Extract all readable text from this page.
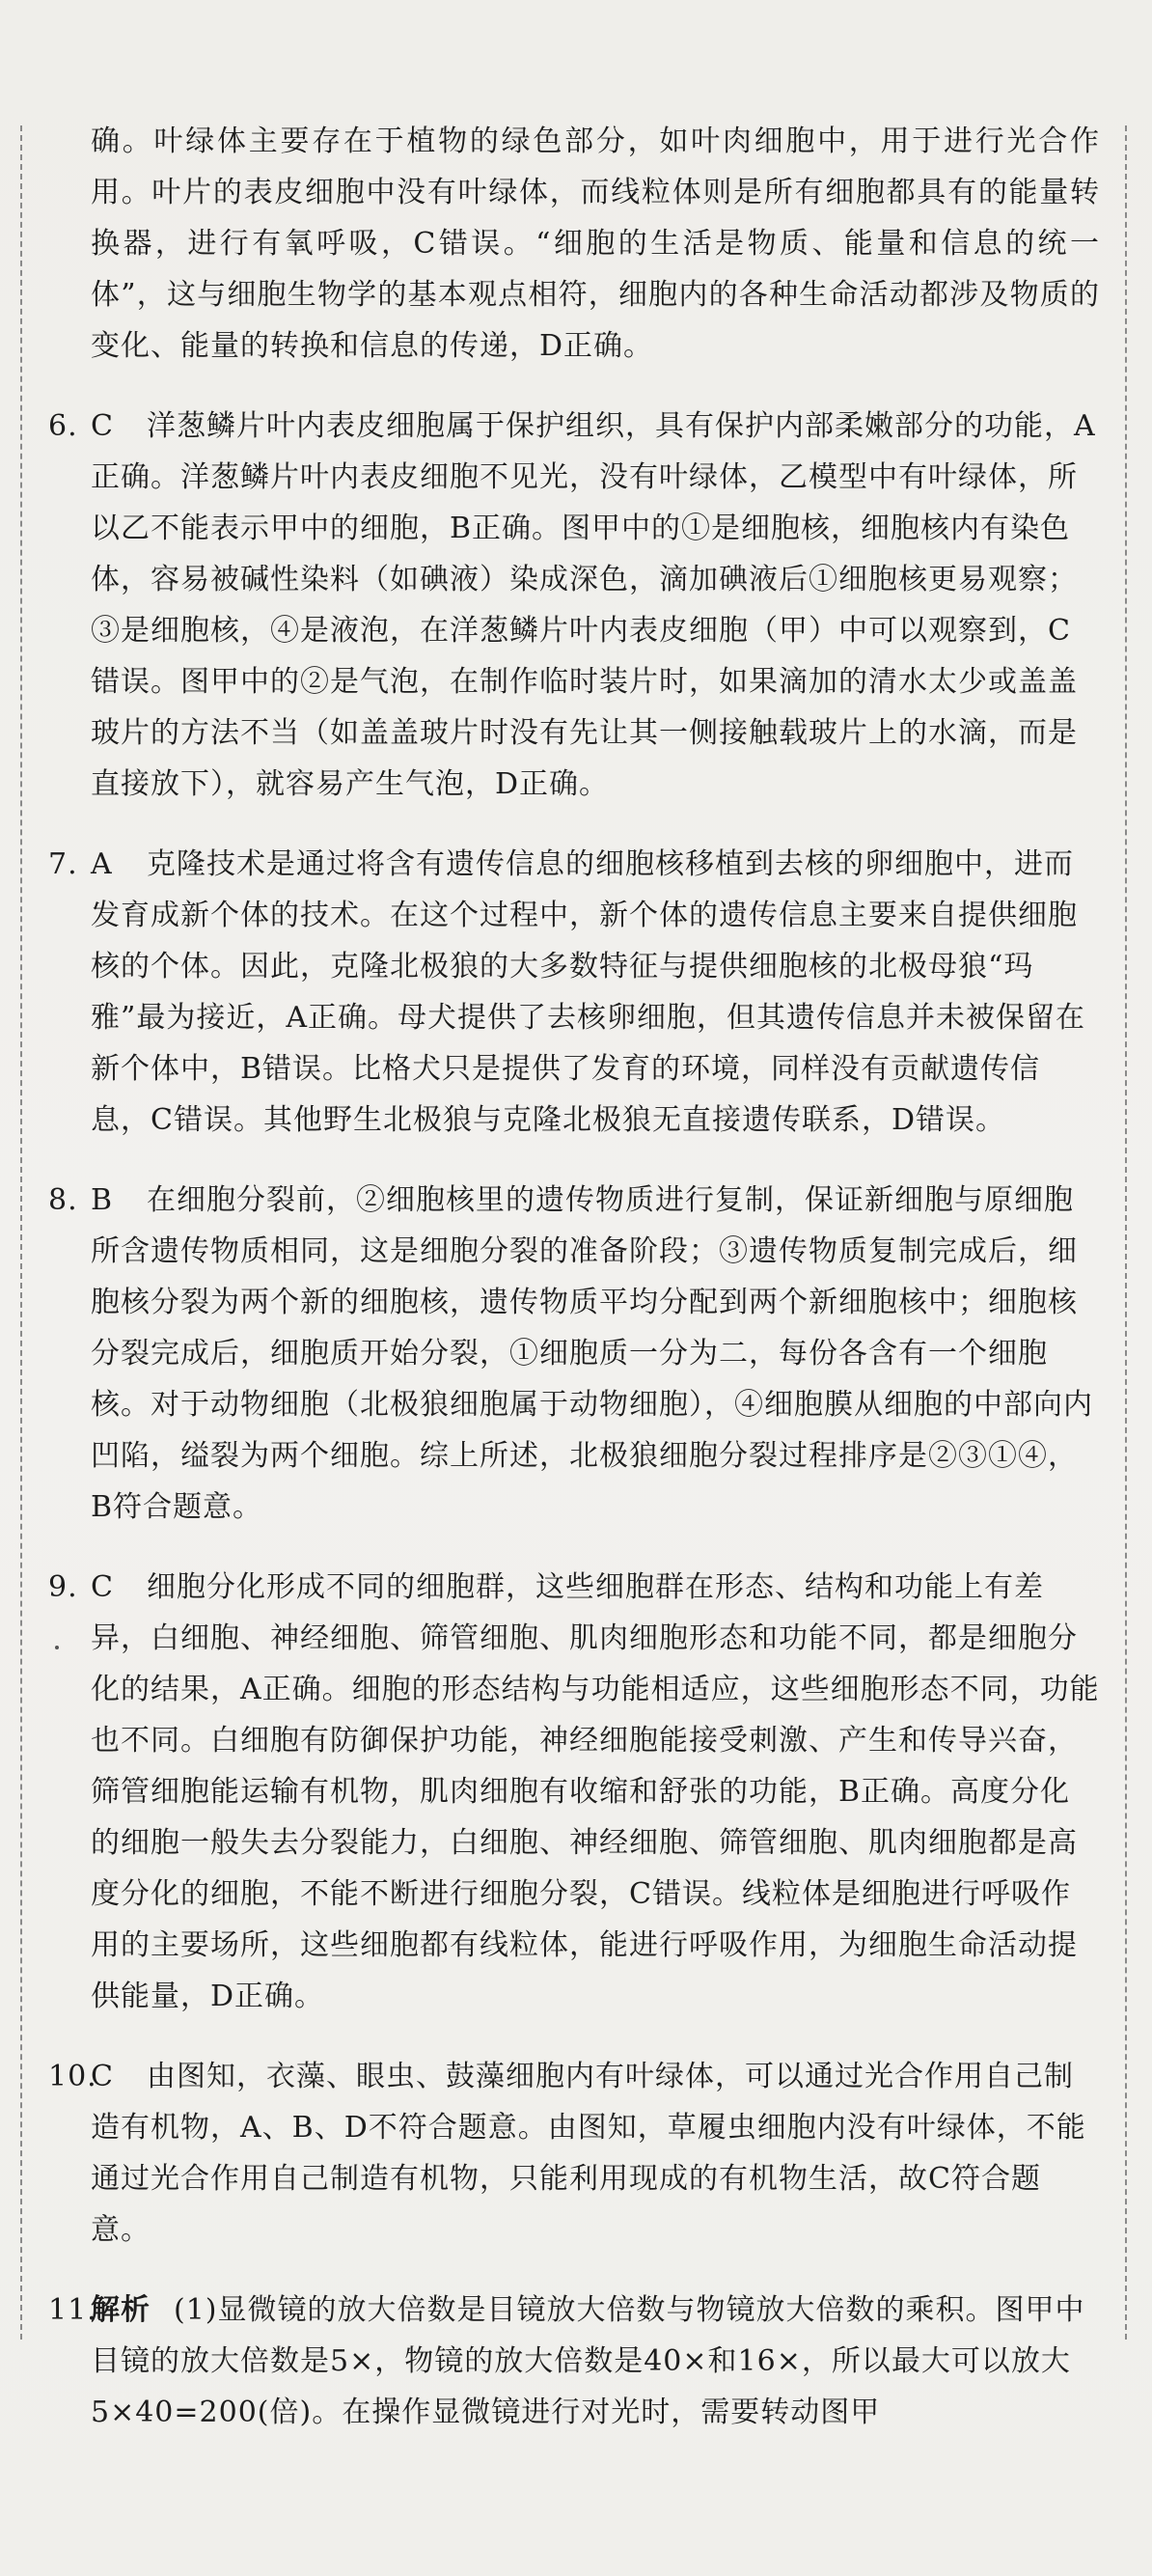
确。叶绿体主要存在于植物的绿色部分，如叶肉细胞中，用于进行光合作用。叶片的表皮细胞中没有叶绿体，而线粒体则是所有细胞都具有的能量转换器，进行有氧呼吸，C错误。“细胞的生活是物质、能量和信息的统一体”，这与细胞生物学的基本观点相符，细胞内的各种生命活动都涉及物质的变化、能量的转换和信息的传递，D正确。

6. C 洋葱鳞片叶内表皮细胞属于保护组织，具有保护内部柔嫩部分的功能，A正确。洋葱鳞片叶内表皮细胞不见光，没有叶绿体，乙模型中有叶绿体，所以乙不能表示甲中的细胞，B正确。图甲中的①是细胞核，细胞核内有染色体，容易被碱性染料（如碘液）染成深色，滴加碘液后①细胞核更易观察；③是细胞核，④是液泡，在洋葱鳞片叶内表皮细胞（甲）中可以观察到，C错误。图甲中的②是气泡，在制作临时装片时，如果滴加的清水太少或盖盖玻片的方法不当（如盖盖玻片时没有先让其一侧接触载玻片上的水滴，而是直接放下），就容易产生气泡，D正确。

7. A 克隆技术是通过将含有遗传信息的细胞核移植到去核的卵细胞中，进而发育成新个体的技术。在这个过程中，新个体的遗传信息主要来自提供细胞核的个体。因此，克隆北极狼的大多数特征与提供细胞核的北极母狼“玛雅”最为接近，A正确。母犬提供了去核卵细胞，但其遗传信息并未被保留在新个体中，B错误。比格犬只是提供了发育的环境，同样没有贡献遗传信息，C错误。其他野生北极狼与克隆北极狼无直接遗传联系，D错误。

8. B 在细胞分裂前，②细胞核里的遗传物质进行复制，保证新细胞与原细胞所含遗传物质相同，这是细胞分裂的准备阶段；③遗传物质复制完成后，细胞核分裂为两个新的细胞核，遗传物质平均分配到两个新细胞核中；细胞核分裂完成后，细胞质开始分裂，①细胞质一分为二，每份各含有一个细胞核。对于动物细胞（北极狼细胞属于动物细胞），④细胞膜从细胞的中部向内凹陷，缢裂为两个细胞。综上所述，北极狼细胞分裂过程排序是②③①④，B符合题意。

9. C 细胞分化形成不同的细胞群，这些细胞群在形态、结构和功能上有差异，白细胞、神经细胞、筛管细胞、肌肉细胞形态和功能不同，都是细胞分化的结果，A正确。细胞的形态结构与功能相适应，这些细胞形态不同，功能也不同。白细胞有防御保护功能，神经细胞能接受刺激、产生和传导兴奋，筛管细胞能运输有机物，肌肉细胞有收缩和舒张的功能，B正确。高度分化的细胞一般失去分裂能力，白细胞、神经细胞、筛管细胞、肌肉细胞都是高度分化的细胞，不能不断进行细胞分裂，C错误。线粒体是细胞进行呼吸作用的主要场所，这些细胞都有线粒体，能进行呼吸作用，为细胞生命活动提供能量，D正确。

10.

C 由图知，衣藻、眼虫、鼓藻细胞内有叶绿体，可以通过光合作用自己制造有机物，A、B、D不符合题意。由图知，草履虫细胞内没有叶绿体，不能通过光合作用自己制造有机物，只能利用现成的有机物生活，故C符合题意。

11.

解析 (1)显微镜的放大倍数是目镜放大倍数与物镜放大倍数的乘积。图甲中目镜的放大倍数是5×，物镜的放大倍数是40×和16×，所以最大可以放大5×40=200(倍)。在操作显微镜进行对光时，需要转动图甲
